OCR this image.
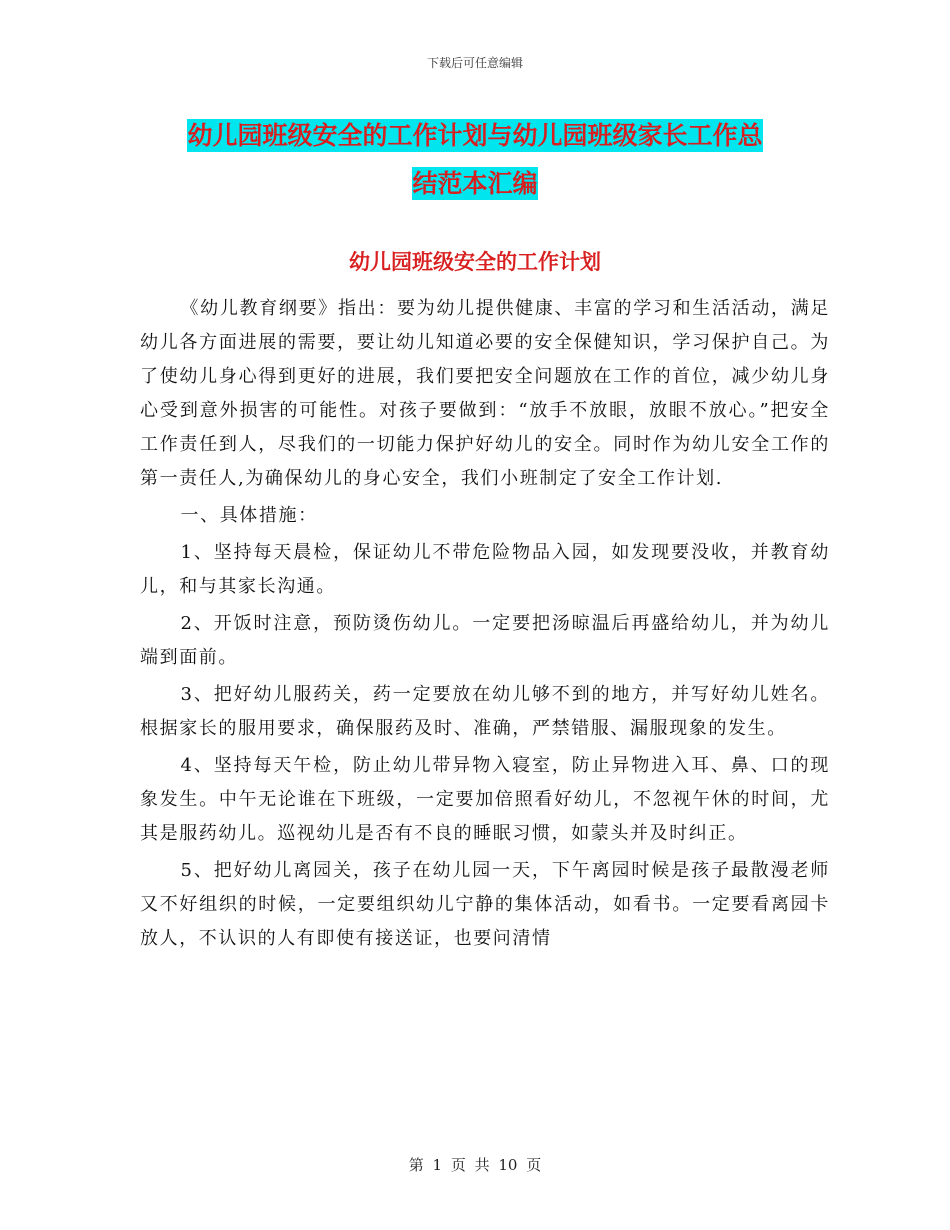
下载后可任意编辑
幼儿园班级安全的工作计划与幼儿园班级家长工作总
结范本汇编
幼儿园班级安全的工作计划

《幼儿教育纲要》指出：要为幼儿提供健康、丰富的学习和生活活动，满足幼儿各方面进展的需要，要让幼儿知道必要的安全保健知识，学习保护自己。为了使幼儿身心得到更好的进展，我们要把安全问题放在工作的首位，减少幼儿身心受到意外损害的可能性。对孩子要做到：“放手不放眼，放眼不放心。”把安全工作责任到人，尽我们的一切能力保护好幼儿的安全。同时作为幼儿安全工作的第一责任人,为确保幼儿的身心安全，我们小班制定了安全工作计划.

一、具体措施：

1、坚持每天晨检，保证幼儿不带危险物品入园，如发现要没收，并教育幼儿，和与其家长沟通。

2、开饭时注意，预防烫伤幼儿。一定要把汤晾温后再盛给幼儿，并为幼儿端到面前。

3、把好幼儿服药关，药一定要放在幼儿够不到的地方，并写好幼儿姓名。根据家长的服用要求，确保服药及时、准确，严禁错服、漏服现象的发生。

4、坚持每天午检，防止幼儿带异物入寝室，防止异物进入耳、鼻、口的现象发生。中午无论谁在下班级，一定要加倍照看好幼儿，不忽视午休的时间，尤其是服药幼儿。巡视幼儿是否有不良的睡眠习惯，如蒙头并及时纠正。

5、把好幼儿离园关，孩子在幼儿园一天，下午离园时候是孩子最散漫老师又不好组织的时候，一定要组织幼儿宁静的集体活动，如看书。一定要看离园卡放人，不认识的人有即使有接送证，也要问清情

第 1 页 共 10 页
